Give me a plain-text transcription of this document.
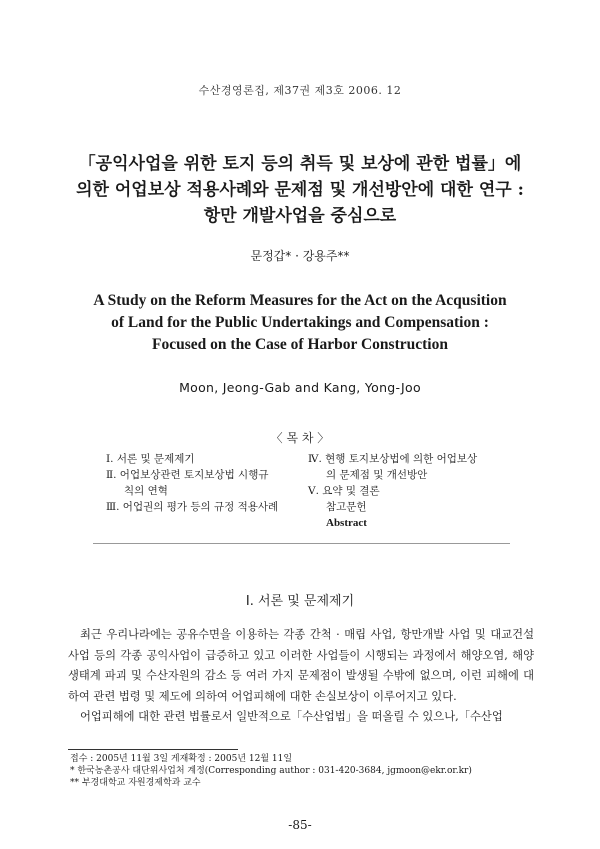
수산경영론집, 제37권 제3호 2006. 12
「공익사업을 위한 토지 등의 취득 및 보상에 관한 법률」에
의한 어업보상 적용사례와 문제점 및 개선방안에 대한 연구 :
항만 개발사업을 중심으로
문정갑* · 강용주**
A Study on the Reform Measures for the Act on the Acqusition
of Land for the Public Undertakings and Compensation :
Focused on the Case of Harbor Construction
Moon, Jeong-Gab and Kang, Yong-Joo
〈 목 차 〉
Ⅰ. 서론 및 문제제기
Ⅱ. 어업보상관련 토지보상법 시행규
칙의 연혁
Ⅲ. 어업권의 평가 등의 규정 적용사례
Ⅳ. 현행 토지보상법에 의한 어업보상
의 문제점 및 개선방안
Ⅴ. 요약 및 결론
참고문헌
Abstract
Ⅰ. 서론 및 문제제기

최근 우리나라에는 공유수면을 이용하는 각종 간척 · 매립 사업, 항만개발 사업 및 대교건설 사업 등의 각종 공익사업이 급증하고 있고 이러한 사업들이 시행되는 과정에서 해양오염, 해양생태계 파괴 및 수산자원의 감소 등 여러 가지 문제점이 발생될 수밖에 없으며, 이런 피해에 대하여 관련 법령 및 제도에 의하여 어업피해에 대한 손실보상이 이루어지고 있다.

어업피해에 대한 관련 법률로서 일반적으로「수산업법」을 떠올릴 수 있으나,「수산업

접수 : 2005년 11월 3일 게재확정 : 2005년 12월 11일
* 한국농촌공사 대단위사업처 계정(Corresponding author : 031-420-3684, jgmoon@ekr.or.kr)
** 부경대학교 자원경제학과 교수
-85-
